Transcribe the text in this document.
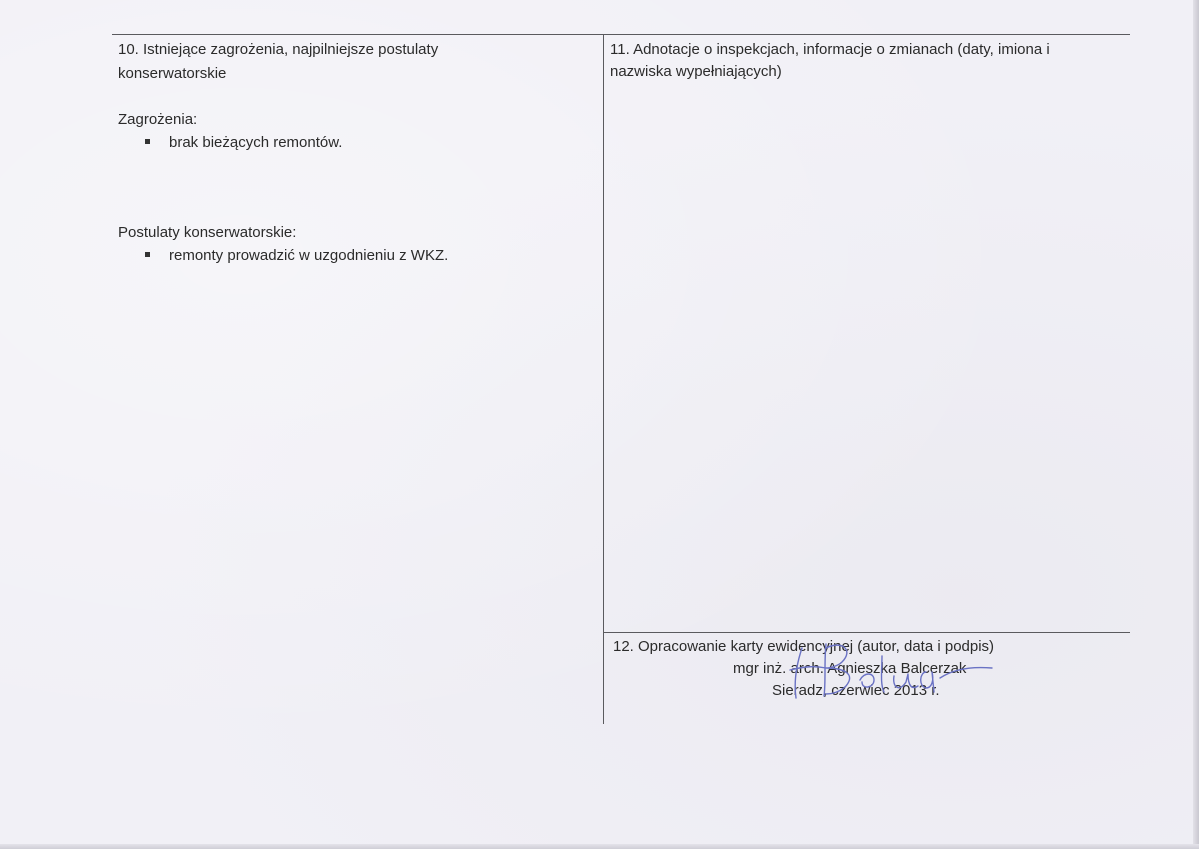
10. Istniejące zagrożenia, najpilniejsze postulaty
konserwatorskie
Zagrożenia:
brak bieżących remontów.
Postulaty konserwatorskie:
remonty prowadzić w uzgodnieniu z WKZ.
11. Adnotacje o inspekcjach, informacje o zmianach (daty, imiona i
nazwiska wypełniających)
12. Opracowanie karty ewidencyjnej (autor, data i podpis)
mgr inż. arch. Agnieszka Balcerzak
Sieradz, czerwiec 2013 r.
